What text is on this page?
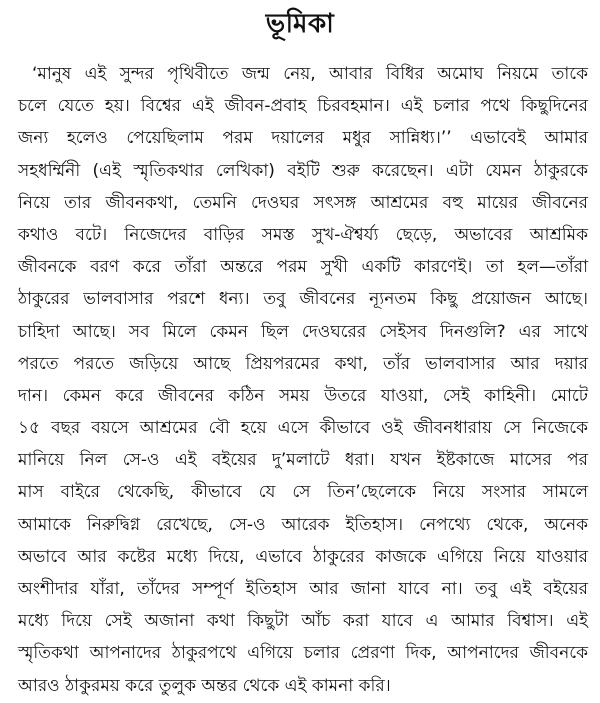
ভূমিকা
‘মানুষ এই সুন্দর পৃথিবীতে জন্ম নেয়, আবার বিধির অমোঘ নিয়মে তাকে
চলে যেতে হয়। বিশ্বের এই জীবন-প্রবাহ চিরবহমান। এই চলার পথে কিছুদিনের
জন্য হলেও পেয়েছিলাম পরম দয়ালের মধুর সান্নিধ্য।’’ এভাবেই আমার
সহধর্ম্মিনী (এই স্মৃতিকথার লেখিকা) বইটি শুরু করেছেন। এটা যেমন ঠাকুরকে
নিয়ে তার জীবনকথা, তেমনি দেওঘর সৎসঙ্গ আশ্রমের বহু মায়ের জীবনের
কথাও বটে। নিজেদের বাড়ির সমস্ত সুখ-ঐশ্বর্য্য ছেড়ে, অভাবের আশ্রমিক
জীবনকে বরণ করে তাঁরা অন্তরে পরম সুখী একটি কারণেই। তা হল—তাঁরা
ঠাকুরের ভালবাসার পরশে ধন্য। তবু জীবনের ন্যূনতম কিছু প্রয়োজন আছে।
চাহিদা আছে। সব মিলে কেমন ছিল দেওঘরের সেইসব দিনগুলি? এর সাথে
পরতে পরতে জড়িয়ে আছে প্রিয়পরমের কথা, তাঁর ভালবাসার আর দয়ার
দান। কেমন করে জীবনের কঠিন সময় উতরে যাওয়া, সেই কাহিনী। মোটে
১৫ বছর বয়সে আশ্রমের বৌ হয়ে এসে কীভাবে ওই জীবনধারায় সে নিজেকে
মানিয়ে নিল সে-ও এই বইয়ের দু’মলাটে ধরা। যখন ইষ্টকাজে মাসের পর
মাস বাইরে থেকেছি, কীভাবে যে সে তিন’ছেলেকে নিয়ে সংসার সামলে
আমাকে নিরুদ্বিগ্ন রেখেছে, সে-ও আরেক ইতিহাস। নেপথ্যে থেকে, অনেক
অভাবে আর কষ্টের মধ্যে দিয়ে, এভাবে ঠাকুরের কাজকে এগিয়ে নিয়ে যাওয়ার
অংশীদার যাঁরা, তাঁদের সম্পূর্ণ ইতিহাস আর জানা যাবে না। তবু এই বইয়ের
মধ্যে দিয়ে সেই অজানা কথা কিছুটা আঁচ করা যাবে এ আমার বিশ্বাস। এই
স্মৃতিকথা আপনাদের ঠাকুরপথে এগিয়ে চলার প্রেরণা দিক, আপনাদের জীবনকে
আরও ঠাকুরময় করে তুলুক অন্তর থেকে এই কামনা করি।
